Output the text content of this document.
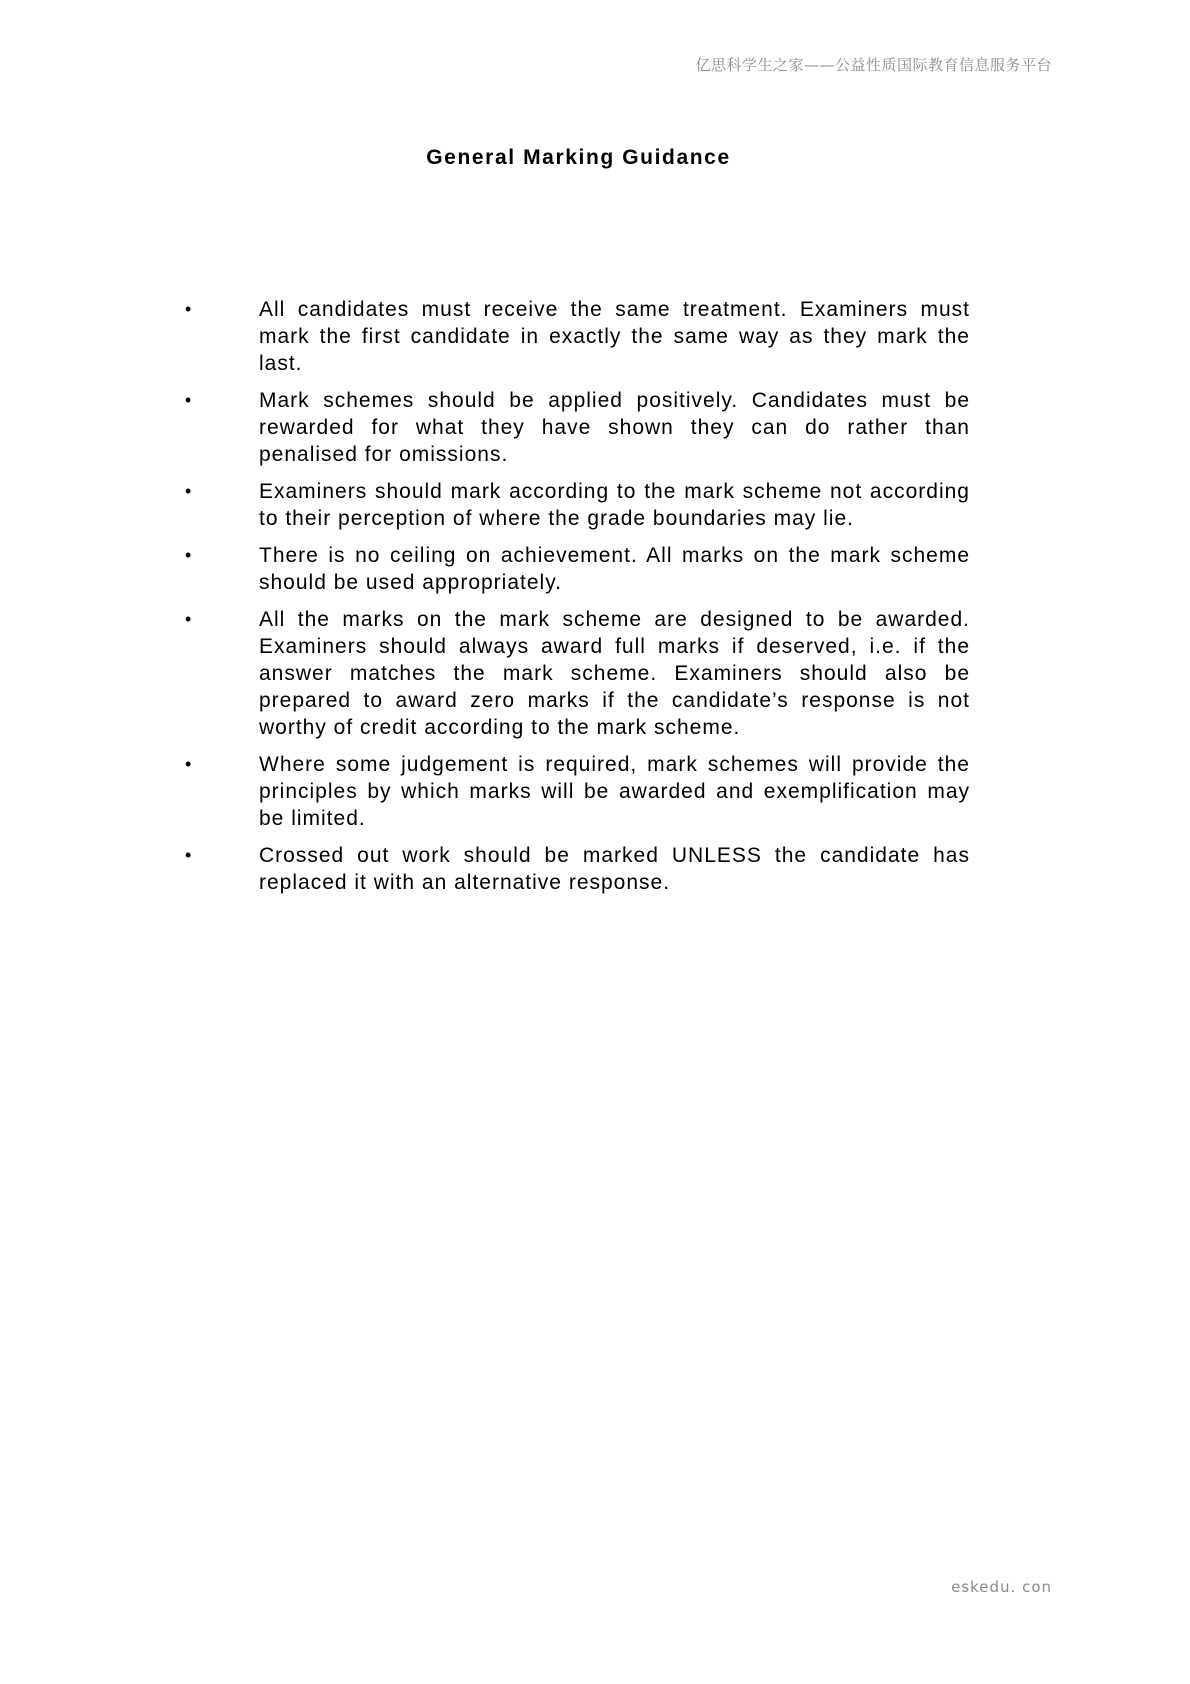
亿思科学生之家——公益性质国际教育信息服务平台
General Marking Guidance
•	All candidates must receive the same treatment. Examiners must mark the first candidate in exactly the same way as they mark the last.
•	Mark schemes should be applied positively. Candidates must be rewarded for what they have shown they can do rather than penalised for omissions.
•	Examiners should mark according to the mark scheme not according to their perception of where the grade boundaries may lie.
•	There is no ceiling on achievement. All marks on the mark scheme should be used appropriately.
•	All the marks on the mark scheme are designed to be awarded. Examiners should always award full marks if deserved, i.e. if the answer matches the mark scheme. Examiners should also be prepared to award zero marks if the candidate’s response is not worthy of credit according to the mark scheme.
•	Where some judgement is required, mark schemes will provide the principles by which marks will be awarded and exemplification may be limited.
•	Crossed out work should be marked UNLESS the candidate has replaced it with an alternative response.
eskedu. con
